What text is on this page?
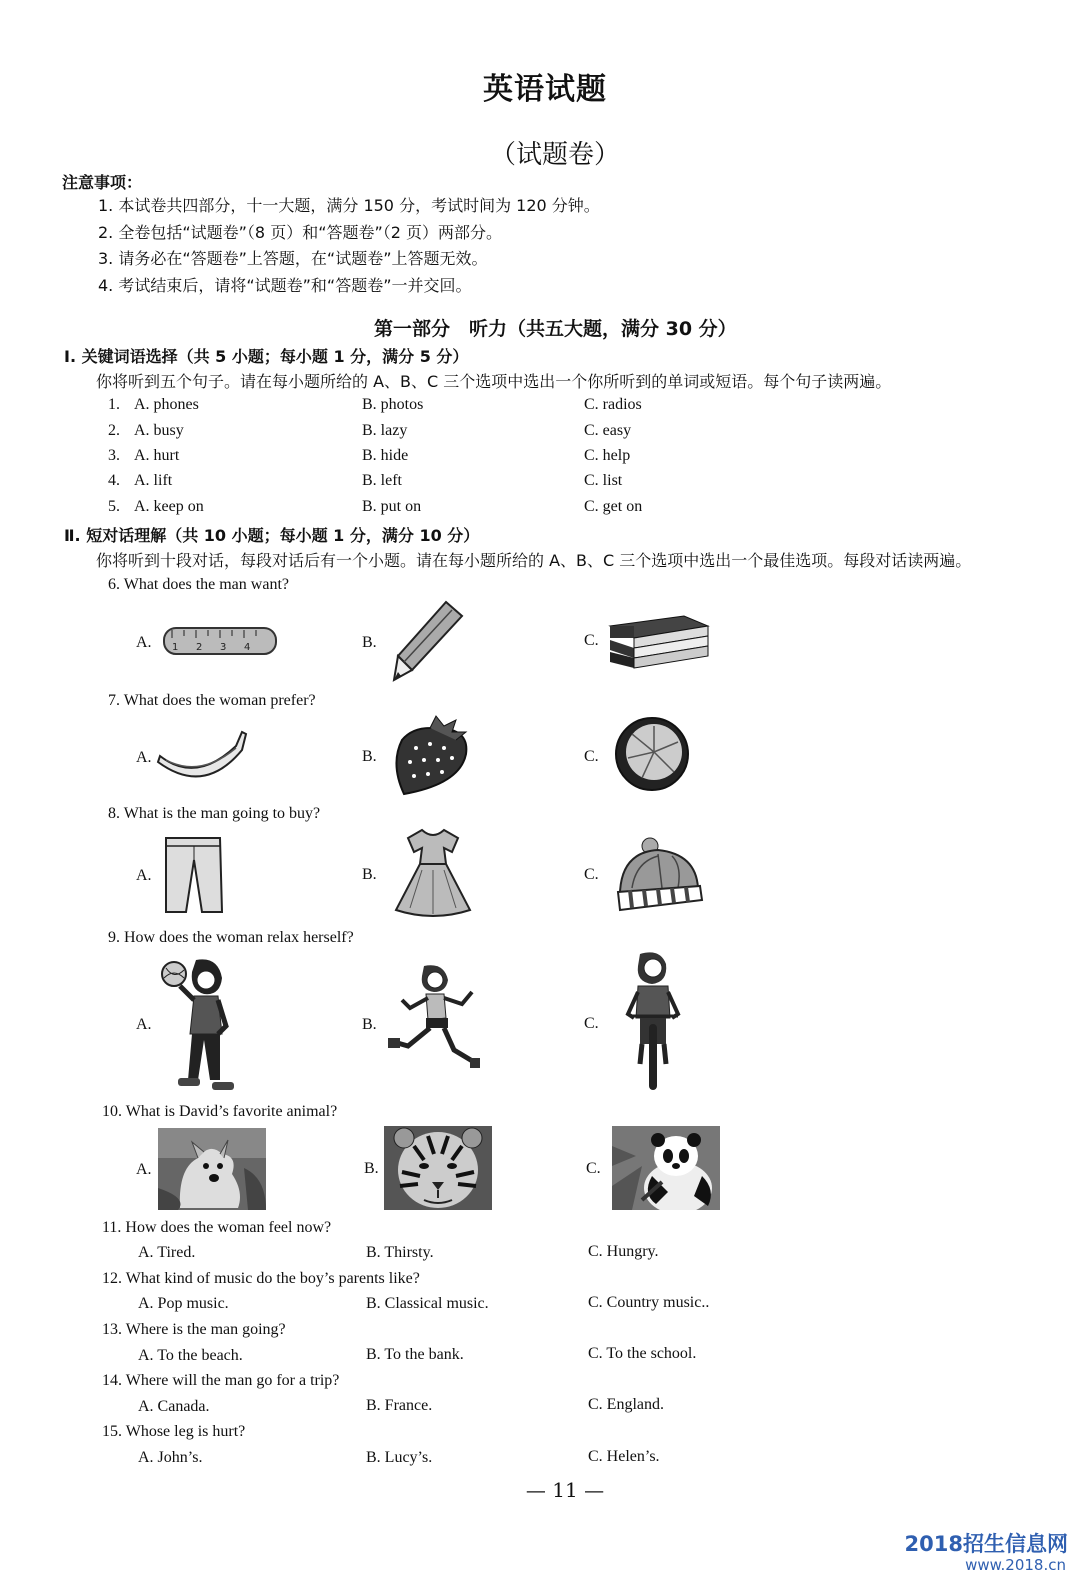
英语试题
（试题卷）
注意事项：
1. 本试卷共四部分，十一大题，满分 150 分，考试时间为 120 分钟。
2. 全卷包括“试题卷”（8 页）和“答题卷”（2 页）两部分。
3. 请务必在“答题卷”上答题，在“试题卷”上答题无效。
4. 考试结束后，请将“试题卷”和“答题卷”一并交回。
第一部分　听力（共五大题，满分 30 分）
Ⅰ. 关键词语选择（共 5 小题；每小题 1 分，满分 5 分）
你将听到五个句子。请在每小题所给的 A、B、C 三个选项中选出一个你所听到的单词或短语。每个句子读两遍。
1. A. phones	B. photos	C. radios
2. A. busy	B. lazy	C. easy
3. A. hurt	B. hide	C. help
4. A. lift	B. left	C. list
5. A. keep on	B. put on	C. get on
Ⅱ. 短对话理解（共 10 小题；每小题 1 分，满分 10 分）
你将听到十段对话，每段对话后有一个小题。请在每小题所给的 A、B、C 三个选项中选出一个最佳选项。每段对话读两遍。
6. What does the man want?
A.	B.	C.
1 2 3 4
7. What does the woman prefer?
A.	B.	C.
8. What is the man going to buy?
A.	B.	C.
9. How does the woman relax herself?
A.	B.	C.
10. What is David’s favorite animal?
A.	B.	C.
11. How does the woman feel now?
A. Tired.	B. Thirsty.	C. Hungry.
12. What kind of music do the boy’s parents like?
A. Pop music.	B. Classical music.	C. Country music..
13. Where is the man going?
A. To the beach.	B. To the bank.	C. To the school.
14. Where will the man go for a trip?
A. Canada.	B. France.	C. England.
15. Whose leg is hurt?
A. John’s.	B. Lucy’s.	C. Helen’s.
— 11 —
2018招生信息网
www.2018.cn
